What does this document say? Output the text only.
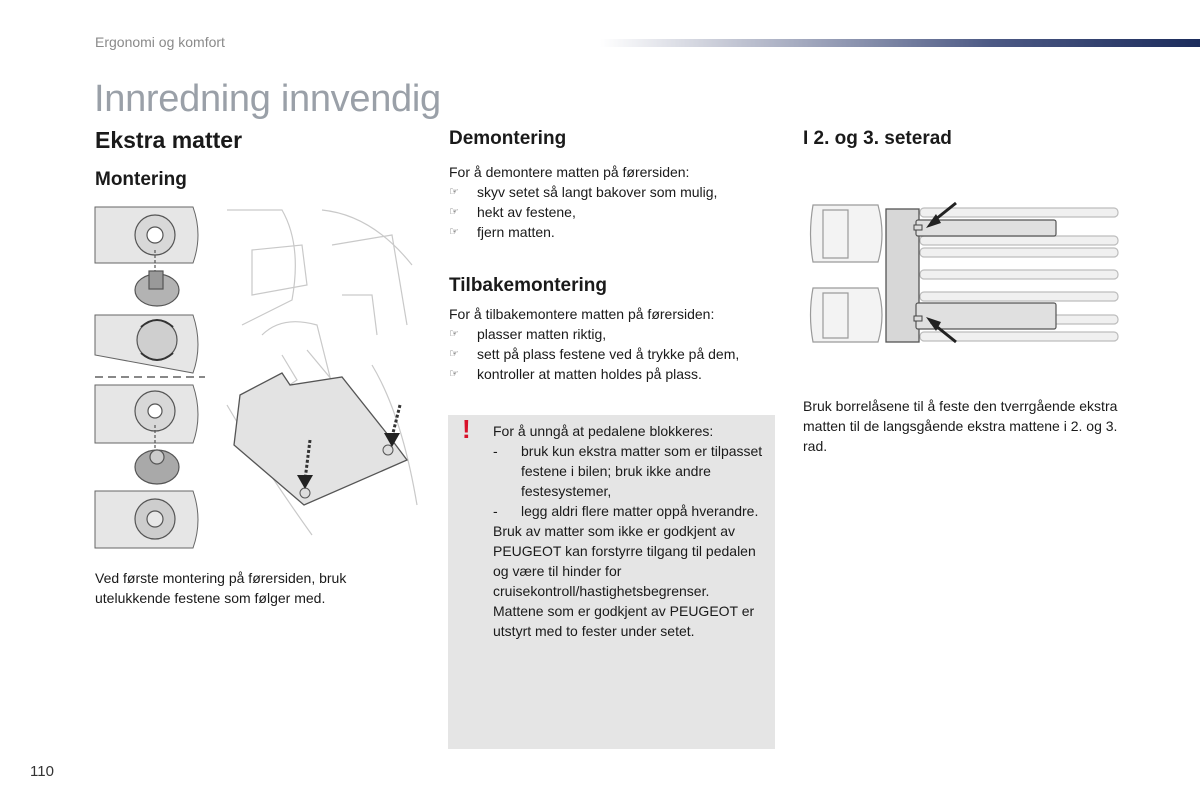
Ergonomi og komfort
Innredning innvendig
Ekstra matter
Montering
Ved første montering på førersiden, bruk utelukkende festene som følger med.
Demontering
For å demontere matten på førersiden:
☞ skyv setet så langt bakover som mulig,
☞ hekt av festene,
☞ fjern matten.
Tilbakemontering
For å tilbakemontere matten på førersiden:
☞ plasser matten riktig,
☞ sett på plass festene ved å trykke på dem,
☞ kontroller at matten holdes på plass.
! For å unngå at pedalene blokkeres:
- bruk kun ekstra matter som er tilpasset festene i bilen; bruk ikke andre festesystemer,
- legg aldri flere matter oppå hverandre.
Bruk av matter som ikke er godkjent av PEUGEOT kan forstyrre tilgang til pedalen og være til hinder for cruisekontroll/hastighetsbegrenser.
Mattene som er godkjent av PEUGEOT er utstyrt med to fester under setet.
I 2. og 3. seterad
Bruk borrelåsene til å feste den tverrgående ekstra matten til de langsgående ekstra mattene i 2. og 3. rad.
110
